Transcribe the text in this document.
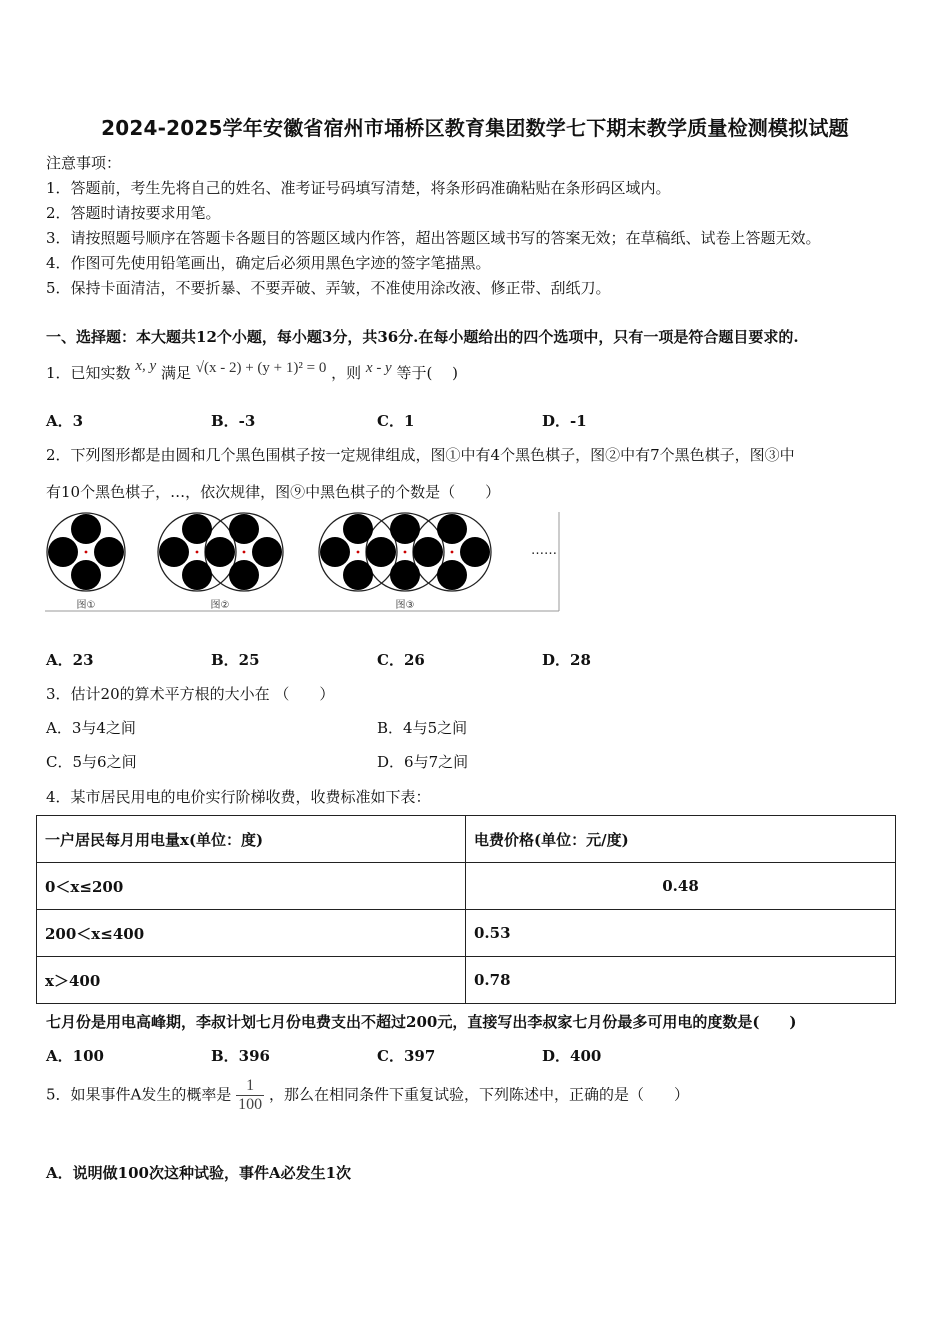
2024-2025学年安徽省宿州市埇桥区教育集团数学七下期末教学质量检测模拟试题
注意事项：
1．答题前，考生先将自己的姓名、准考证号码填写清楚，将条形码准确粘贴在条形码区域内。
2．答题时请按要求用笔。
3．请按照题号顺序在答题卡各题目的答题区域内作答，超出答题区域书写的答案无效；在草稿纸、试卷上答题无效。
4．作图可先使用铅笔画出，确定后必须用黑色字迹的签字笔描黑。
5．保持卡面清洁，不要折暴、不要弄破、弄皱，不准使用涂改液、修正带、刮纸刀。
一、选择题：本大题共12个小题，每小题3分，共36分.在每小题给出的四个选项中，只有一项是符合题目要求的.
1．已知实数 x, y 满足 √(x - 2) + (y + 1)² = 0 ，则 x - y 等于(　 )
A．3	B．-3	C．1	D．-1
2．下列图形都是由圆和几个黑色围棋子按一定规律组成，图①中有4个黑色棋子，图②中有7个黑色棋子，图③中
有10个黑色棋子，…，依次规律，图⑨中黑色棋子的个数是（　　）
图①	图②	图③
……
A．23	B．25	C．26	D．28
3．估计20的算术平方根的大小在 （　　）
A．3与4之间	B．4与5之间
C．5与6之间	D．6与7之间
4．某市居民用电的电价实行阶梯收费，收费标准如下表：
一户居民每月用电量x(单位：度)	电费价格(单位：元/度)
0＜x≤200	0.48
200＜x≤400	0.53
x＞400	0.78
七月份是用电高峰期，李叔计划七月份电费支出不超过200元，直接写出李叔家七月份最多可用电的度数是(　　)
A．100	B．396	C．397	D．400
5．如果事件A发生的概率是 $\frac{1}{100}$ ，那么在相同条件下重复试验，下列陈述中，正确的是（　　）
A．说明做100次这种试验，事件A必发生1次
